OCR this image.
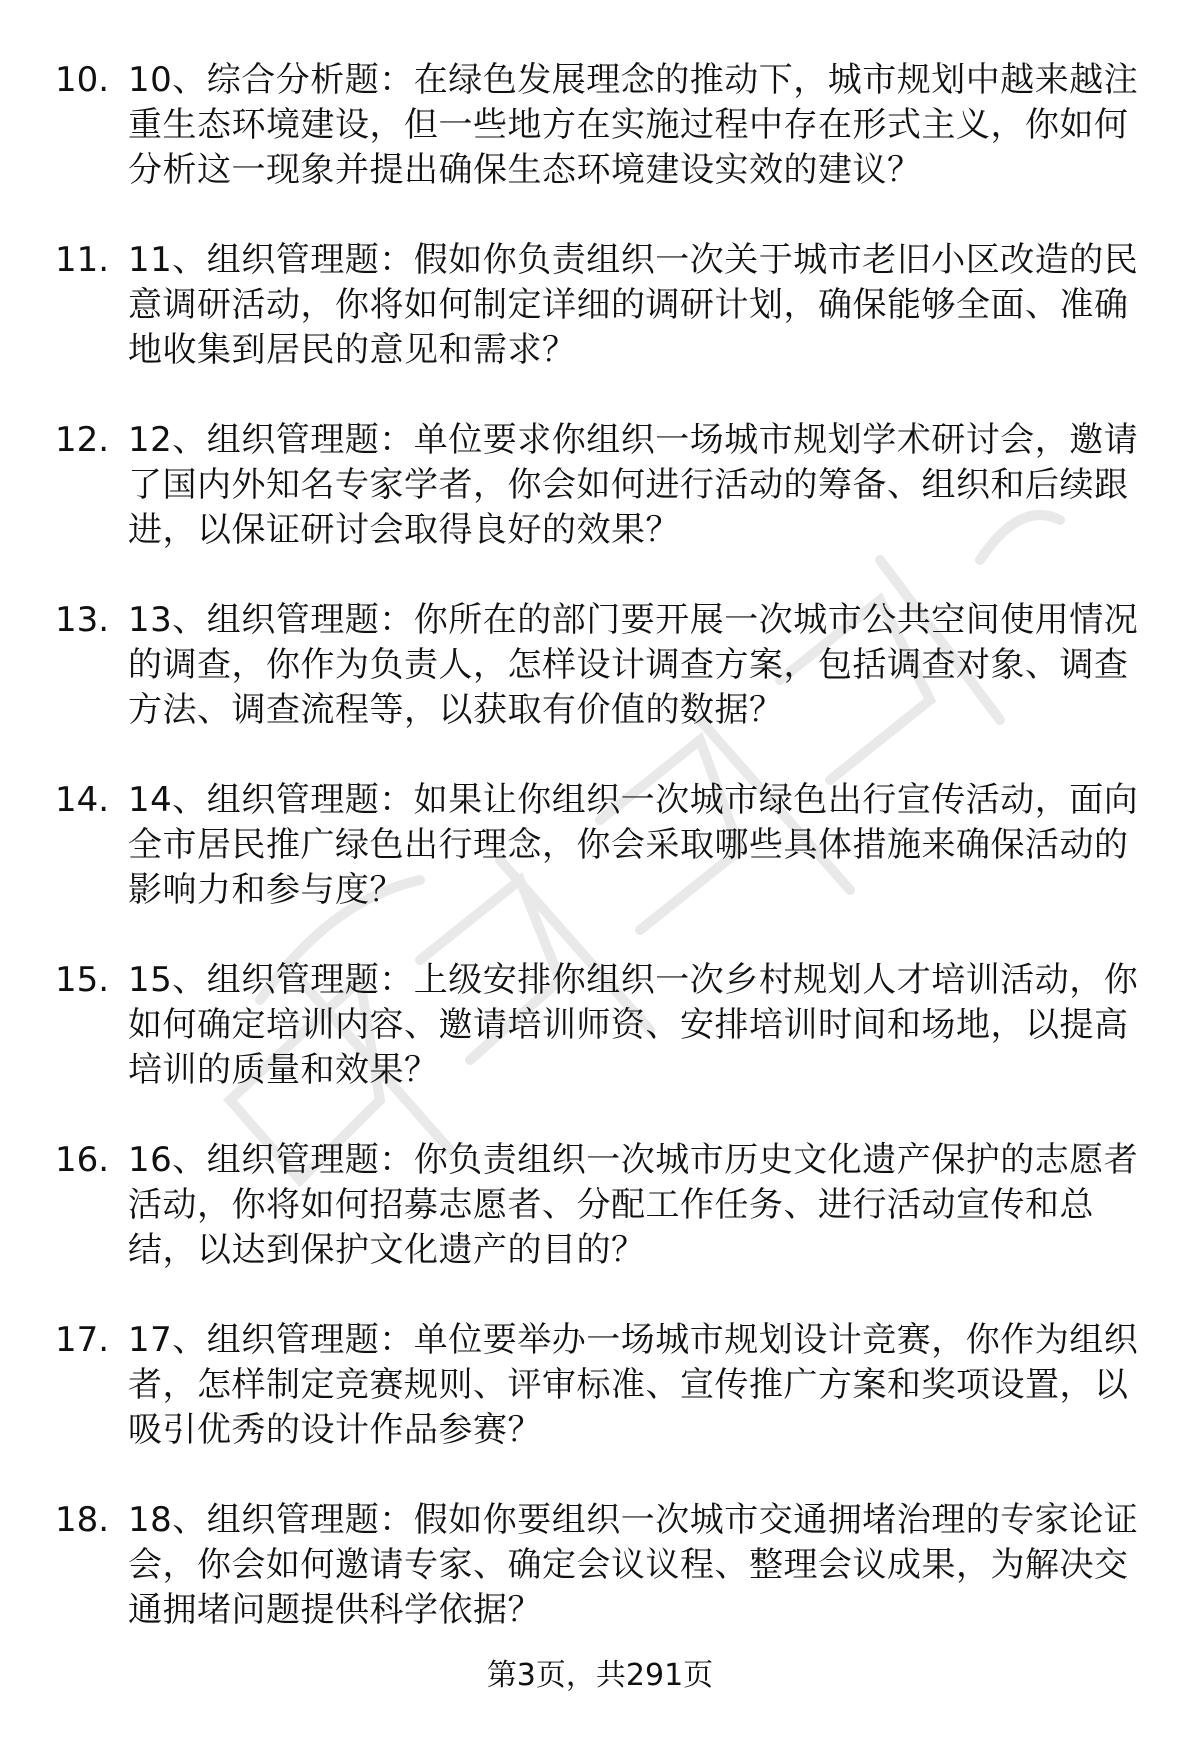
10. 10、综合分析题：在绿色发展理念的推动下，城市规划中越来越注重生态环境建设，但一些地方在实施过程中存在形式主义，你如何分析这一现象并提出确保生态环境建设实效的建议？
11. 11、组织管理题：假如你负责组织一次关于城市老旧小区改造的民意调研活动，你将如何制定详细的调研计划，确保能够全面、准确地收集到居民的意见和需求？
12. 12、组织管理题：单位要求你组织一场城市规划学术研讨会，邀请了国内外知名专家学者，你会如何进行活动的筹备、组织和后续跟进，以保证研讨会取得良好的效果？
13. 13、组织管理题：你所在的部门要开展一次城市公共空间使用情况的调查，你作为负责人，怎样设计调查方案，包括调查对象、调查方法、调查流程等，以获取有价值的数据？
14. 14、组织管理题：如果让你组织一次城市绿色出行宣传活动，面向全市居民推广绿色出行理念，你会采取哪些具体措施来确保活动的影响力和参与度？
15. 15、组织管理题：上级安排你组织一次乡村规划人才培训活动，你如何确定培训内容、邀请培训师资、安排培训时间和场地，以提高培训的质量和效果？
16. 16、组织管理题：你负责组织一次城市历史文化遗产保护的志愿者活动，你将如何招募志愿者、分配工作任务、进行活动宣传和总结，以达到保护文化遗产的目的？
17. 17、组织管理题：单位要举办一场城市规划设计竞赛，你作为组织者，怎样制定竞赛规则、评审标准、宣传推广方案和奖项设置，以吸引优秀的设计作品参赛？
18. 18、组织管理题：假如你要组织一次城市交通拥堵治理的专家论证会，你会如何邀请专家、确定会议议程、整理会议成果，为解决交通拥堵问题提供科学依据？
第3页，共291页
